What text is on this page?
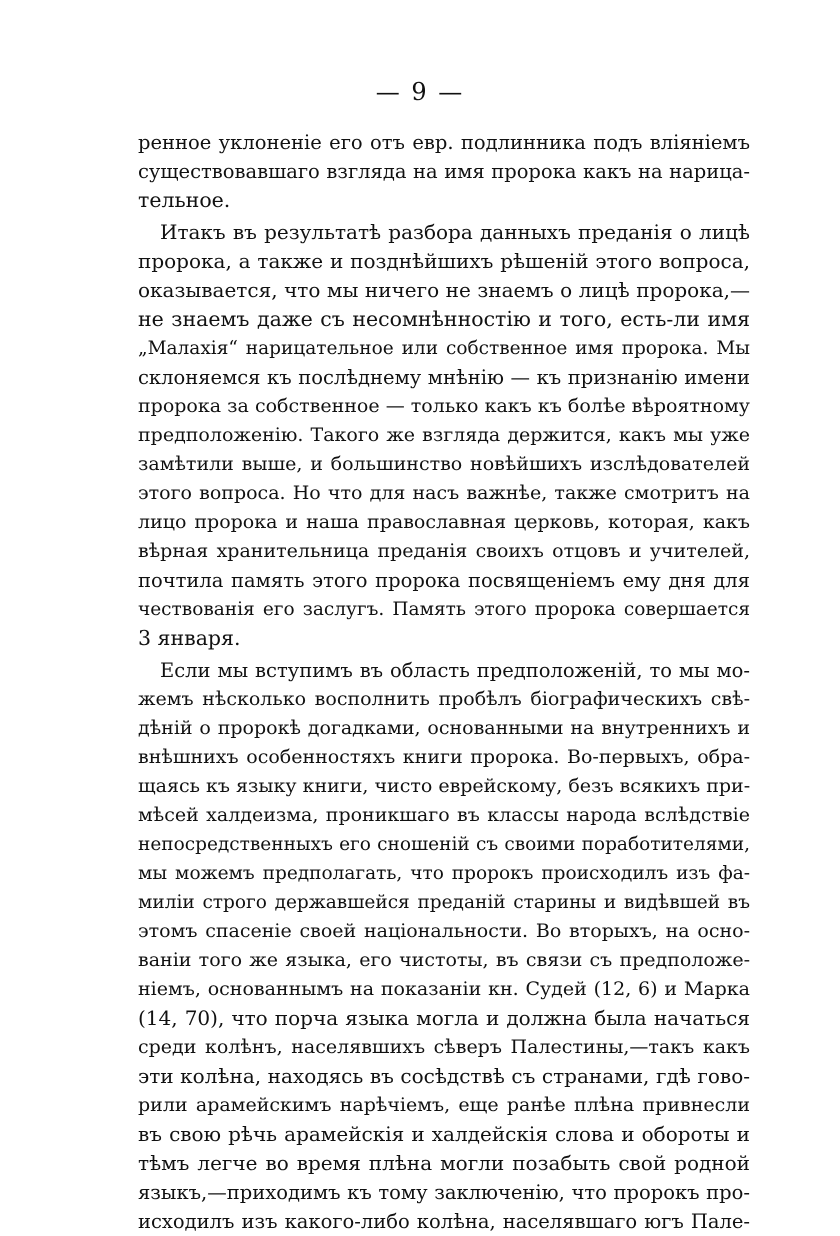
— 9 —
ренное уклоненіе его отъ евр. подлинника подъ вліяніемъ
существовавшаго взгляда на имя пророка какъ на нарица-
тельное.
Итакъ въ результатѣ разбора данныхъ преданія о лицѣ
пророка, а также и позднѣйшихъ рѣшеній этого вопроса,
оказывается, что мы ничего не знаемъ о лицѣ пророка,—
не знаемъ даже съ несомнѣнностію и того, есть-ли имя
„Малахія“ нарицательное или собственное имя пророка. Мы
склоняемся къ послѣднему мнѣнію — къ признанію имени
пророка за собственное — только какъ къ болѣе вѣроятному
предположенію. Такого же взгляда держится, какъ мы уже
замѣтили выше, и большинство новѣйшихъ изслѣдователей
этого вопроса. Но что для насъ важнѣе, также смотритъ на
лицо пророка и наша православная церковь, которая, какъ
вѣрная хранительница преданія своихъ отцовъ и учителей,
почтила память этого пророка посвященіемъ ему дня для
чествованія его заслугъ. Память этого пророка совершается
3 января.
Если мы вступимъ въ область предположеній, то мы мо-
жемъ нѣсколько восполнить пробѣлъ біографическихъ свѣ-
дѣній о пророкѣ догадками, основанными на внутреннихъ и
внѣшнихъ особенностяхъ книги пророка. Во-первыхъ, обра-
щаясь къ языку книги, чисто еврейскому, безъ всякихъ при-
мѣсей халдеизма, проникшаго въ классы народа вслѣдствіе
непосредственныхъ его сношеній съ своими поработителями,
мы можемъ предполагать, что пророкъ происходилъ изъ фа-
миліи строго державшейся преданій старины и видѣвшей въ
этомъ спасеніе своей національности. Во вторыхъ, на осно-
ваніи того же языка, его чистоты, въ связи съ предположе-
ніемъ, основаннымъ на показаніи кн. Судей (12, 6) и Марка
(14, 70), что порча языка могла и должна была начаться
среди колѣнъ, населявшихъ сѣверъ Палестины,—такъ какъ
эти колѣна, находясь въ сосѣдствѣ съ странами, гдѣ гово-
рили арамейскимъ нарѣчіемъ, еще ранѣе плѣна привнесли
въ свою рѣчь арамейскія и халдейскія слова и обороты и
тѣмъ легче во время плѣна могли позабыть свой родной
языкъ,—приходимъ къ тому заключенію, что пророкъ про-
исходилъ изъ какого-либо колѣна, населявшаго югъ Пале-
